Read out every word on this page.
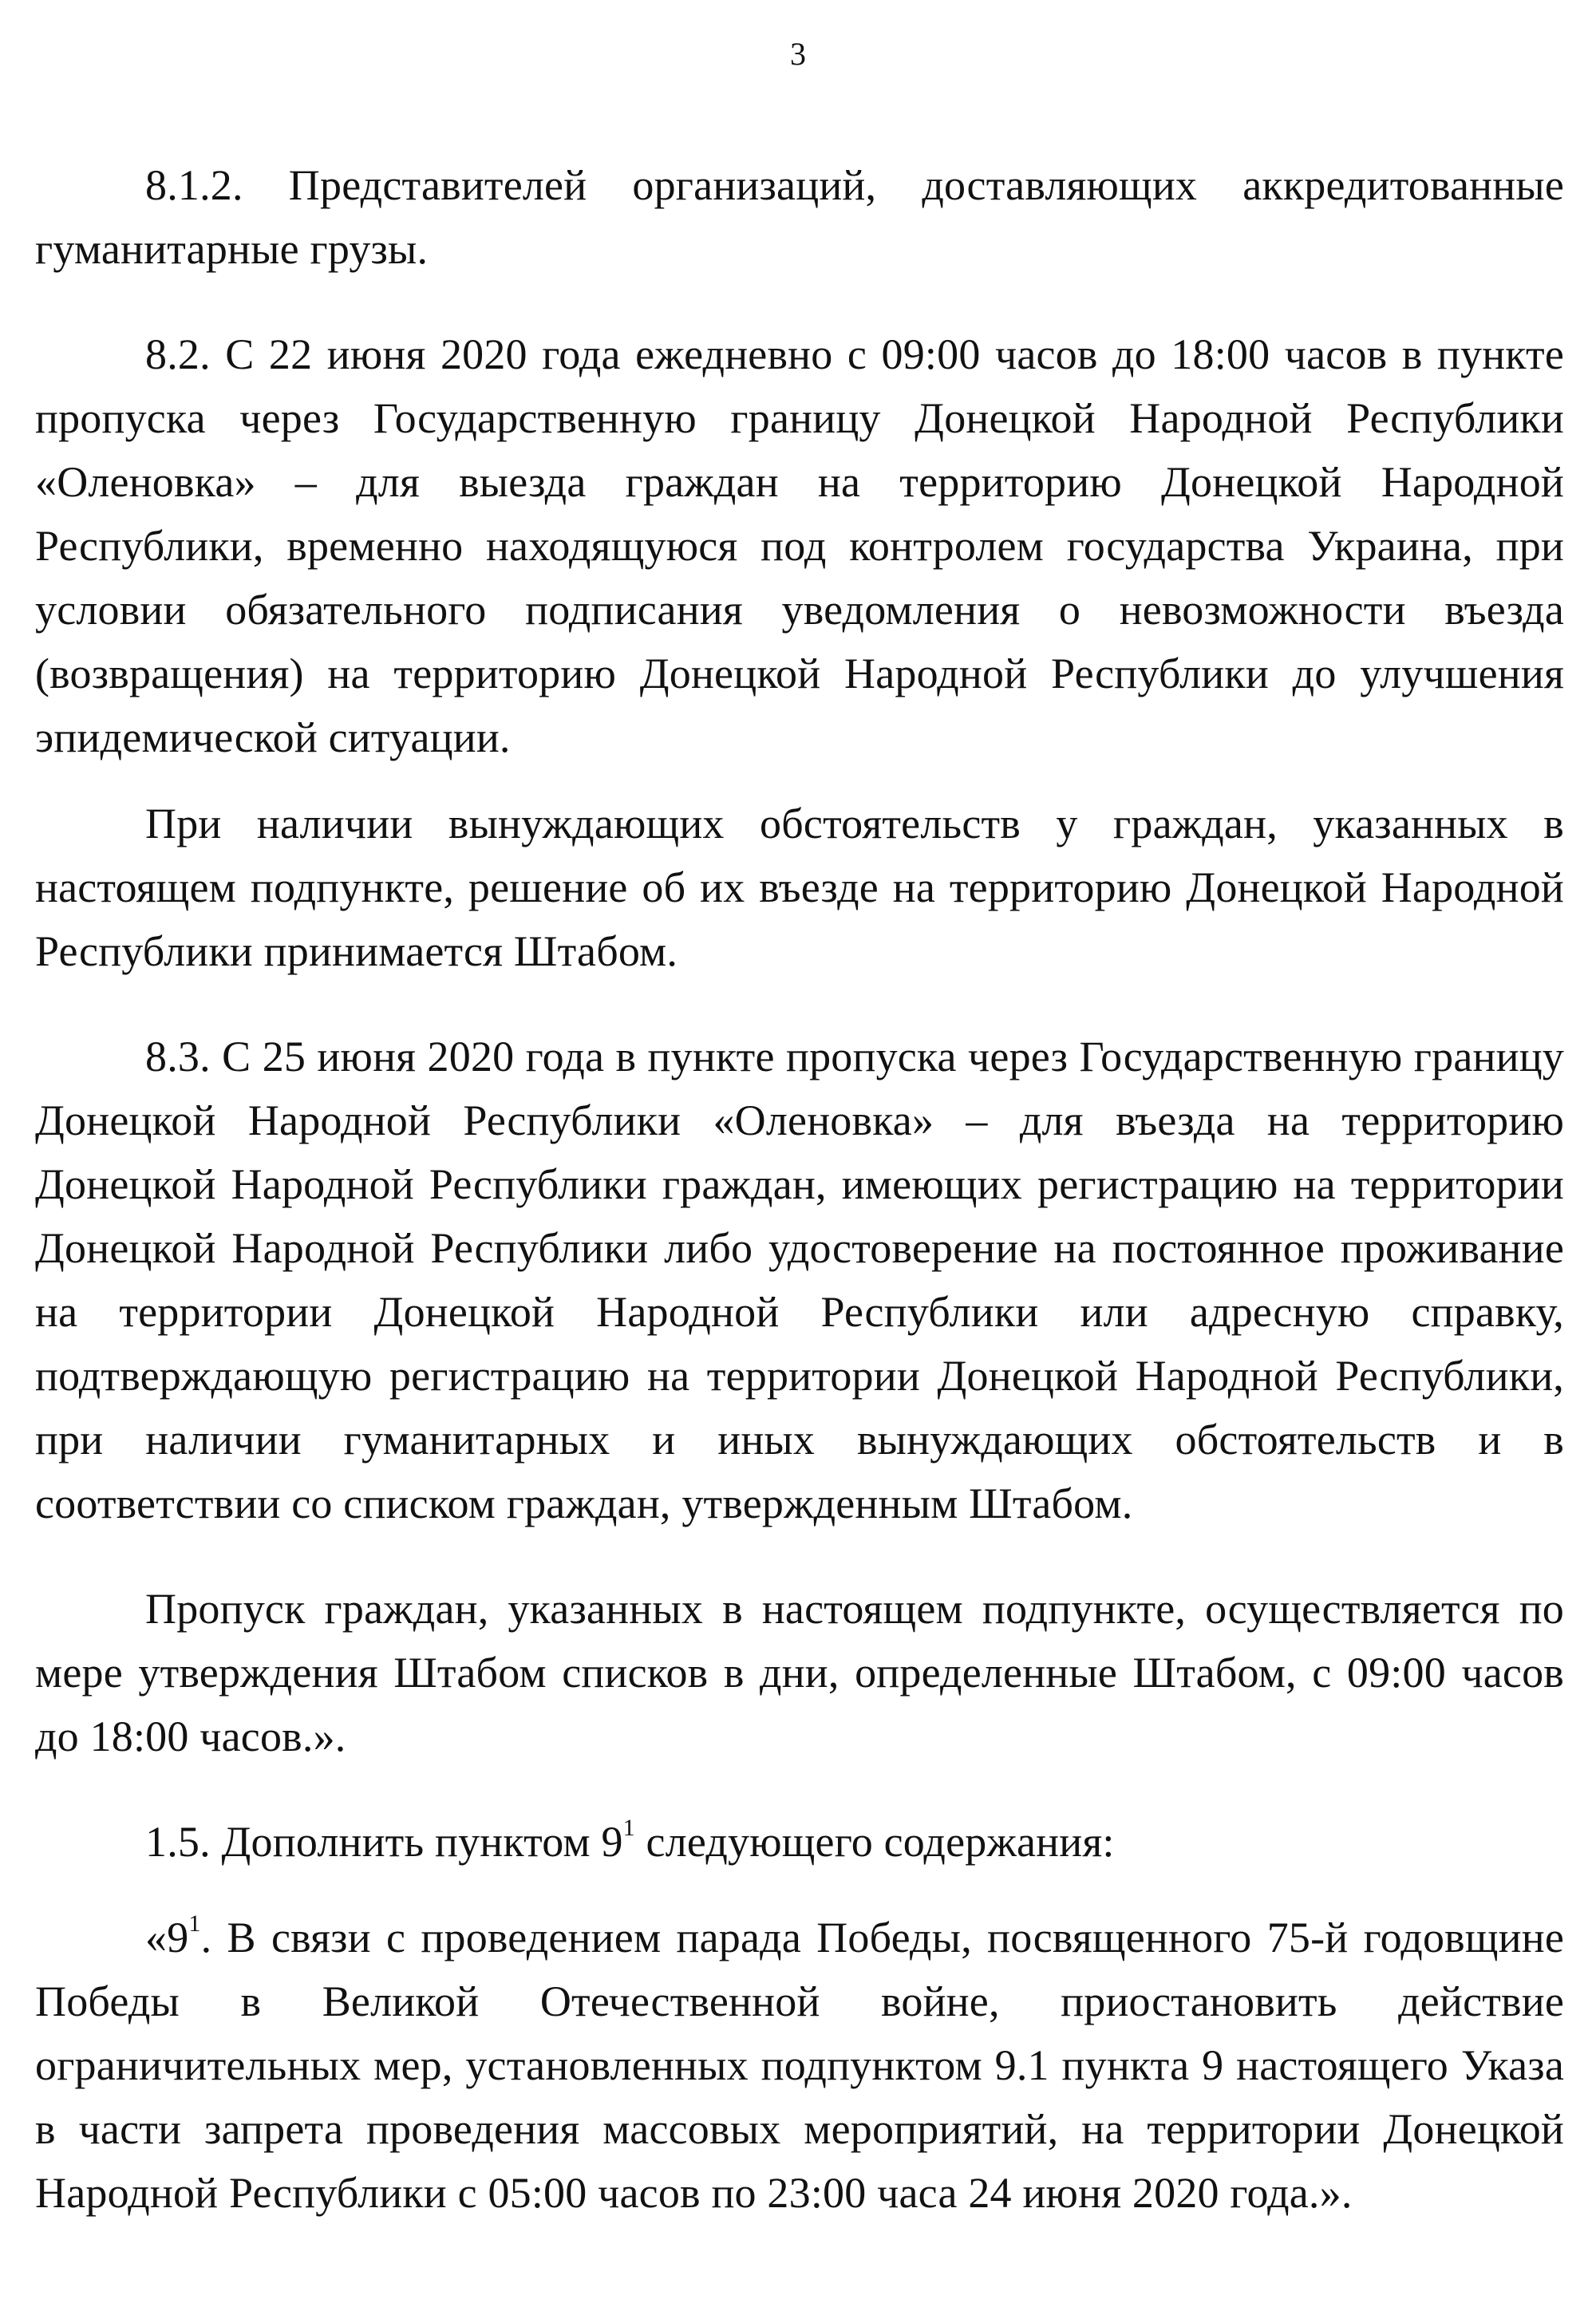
3

8.1.2. Представителей организаций, доставляющих аккредитованные гуманитарные грузы.

8.2. С 22 июня 2020 года ежедневно с 09:00 часов до 18:00 часов в пункте пропуска через Государственную границу Донецкой Народной Республики «Оленовка» – для выезда граждан на территорию Донецкой Народной Республики, временно находящуюся под контролем государства Украина, при условии обязательного подписания уведомления о невозможности въезда (возвращения) на территорию Донецкой Народной Республики до улучшения эпидемической ситуации.

При наличии вынуждающих обстоятельств у граждан, указанных в настоящем подпункте, решение об их въезде на территорию Донецкой Народной Республики принимается Штабом.

8.3. С 25 июня 2020 года в пункте пропуска через Государственную границу Донецкой Народной Республики «Оленовка» – для въезда на территорию Донецкой Народной Республики граждан, имеющих регистрацию на территории Донецкой Народной Республики либо удостоверение на постоянное проживание на территории Донецкой Народной Республики или адресную справку, подтверждающую регистрацию на территории Донецкой Народной Республики, при наличии гуманитарных и иных вынуждающих обстоятельств и в соответствии со списком граждан, утвержденным Штабом.

Пропуск граждан, указанных в настоящем подпункте, осуществляется по мере утверждения Штабом списков в дни, определенные Штабом, с 09:00 часов до 18:00 часов.».

1.5. Дополнить пунктом $9^1$ следующего содержания:

«$9^1$. В связи с проведением парада Победы, посвященного 75-й годовщине Победы в Великой Отечественной войне, приостановить действие ограничительных мер, установленных подпунктом 9.1 пункта 9 настоящего Указа в части запрета проведения массовых мероприятий, на территории Донецкой Народной Республики с 05:00 часов по 23:00 часа 24 июня 2020 года.».
